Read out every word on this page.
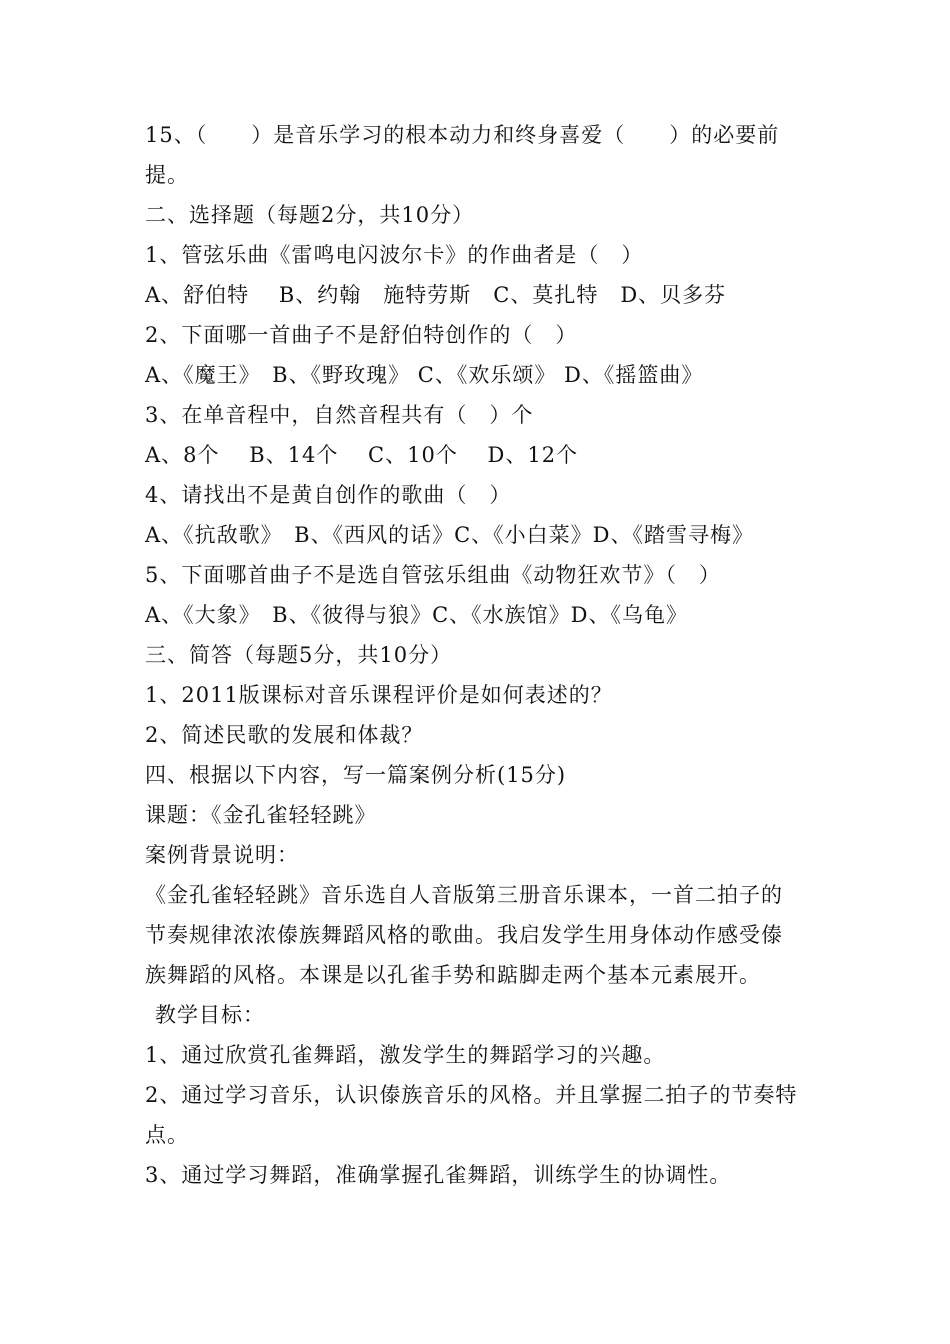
15、（　　）是音乐学习的根本动力和终身喜爱（　　）的必要前
提。
二、选择题（每题2分，共10分）
1、管弦乐曲《雷鸣电闪波尔卡》的作曲者是（　）
A、舒伯特　 B、约翰　施特劳斯　C、莫扎特　D、贝多芬
2、下面哪一首曲子不是舒伯特创作的（　）
A、《魔王》　B、《野玫瑰》 C、《欢乐颂》 D、《摇篮曲》
3、在单音程中，自然音程共有（　）个
A、8个　 B、14个　 C、10个　 D、12个
4、请找出不是黄自创作的歌曲（　）
A、《抗敌歌》　B、《西风的话》C、《小白菜》D、《踏雪寻梅》
5、下面哪首曲子不是选自管弦乐组曲《动物狂欢节》（　）
A、《大象》　B、《彼得与狼》C、《水族馆》D、《乌龟》
三、简答（每题5分，共10分）
1、2011版课标对音乐课程评价是如何表述的？
2、简述民歌的发展和体裁？
四、根据以下内容，写一篇案例分析(15分)
课题：《金孔雀轻轻跳》
案例背景说明：
《金孔雀轻轻跳》音乐选自人音版第三册音乐课本，一首二拍子的
节奏规律浓浓傣族舞蹈风格的歌曲。我启发学生用身体动作感受傣
族舞蹈的风格。本课是以孔雀手势和踮脚走两个基本元素展开。
教学目标：
1、通过欣赏孔雀舞蹈，激发学生的舞蹈学习的兴趣。
2、通过学习音乐，认识傣族音乐的风格。并且掌握二拍子的节奏特
点。
3、通过学习舞蹈，准确掌握孔雀舞蹈，训练学生的协调性。
